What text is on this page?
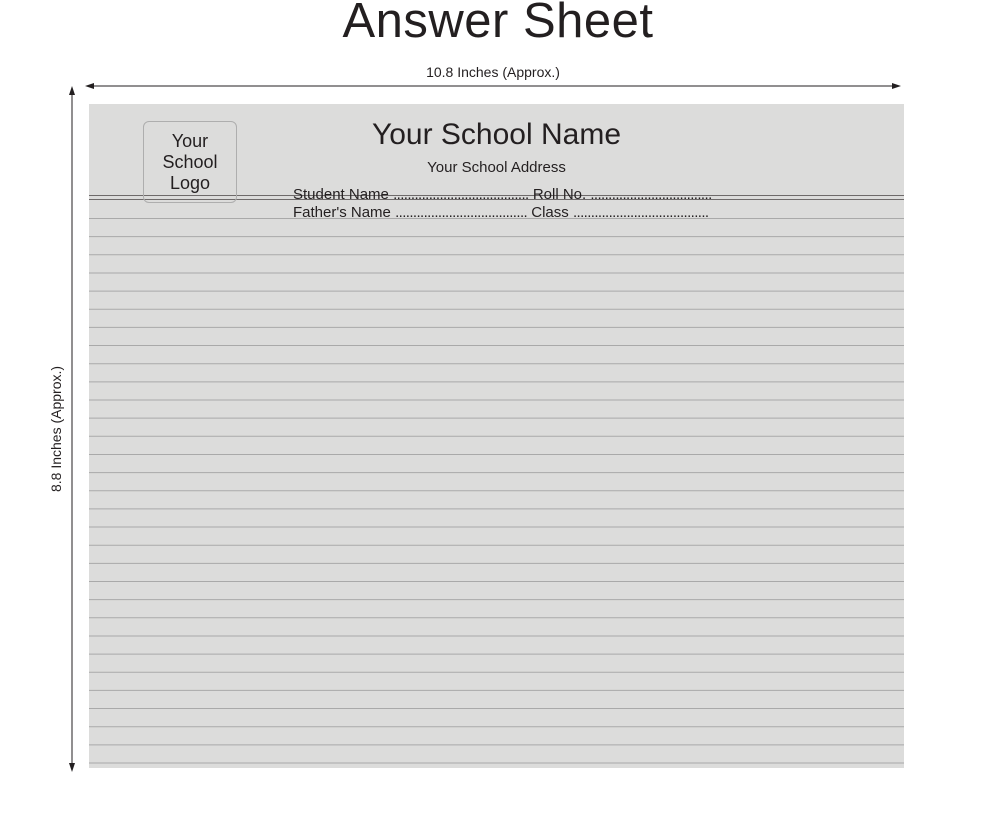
Answer Sheet
10.8 Inches (Approx.)
8.8 Inches (Approx.)
Your
School
Logo
Your School Name
Your School Address
Student Name ...................................... Roll No. ..................................
Father's Name ..................................... Class ......................................
